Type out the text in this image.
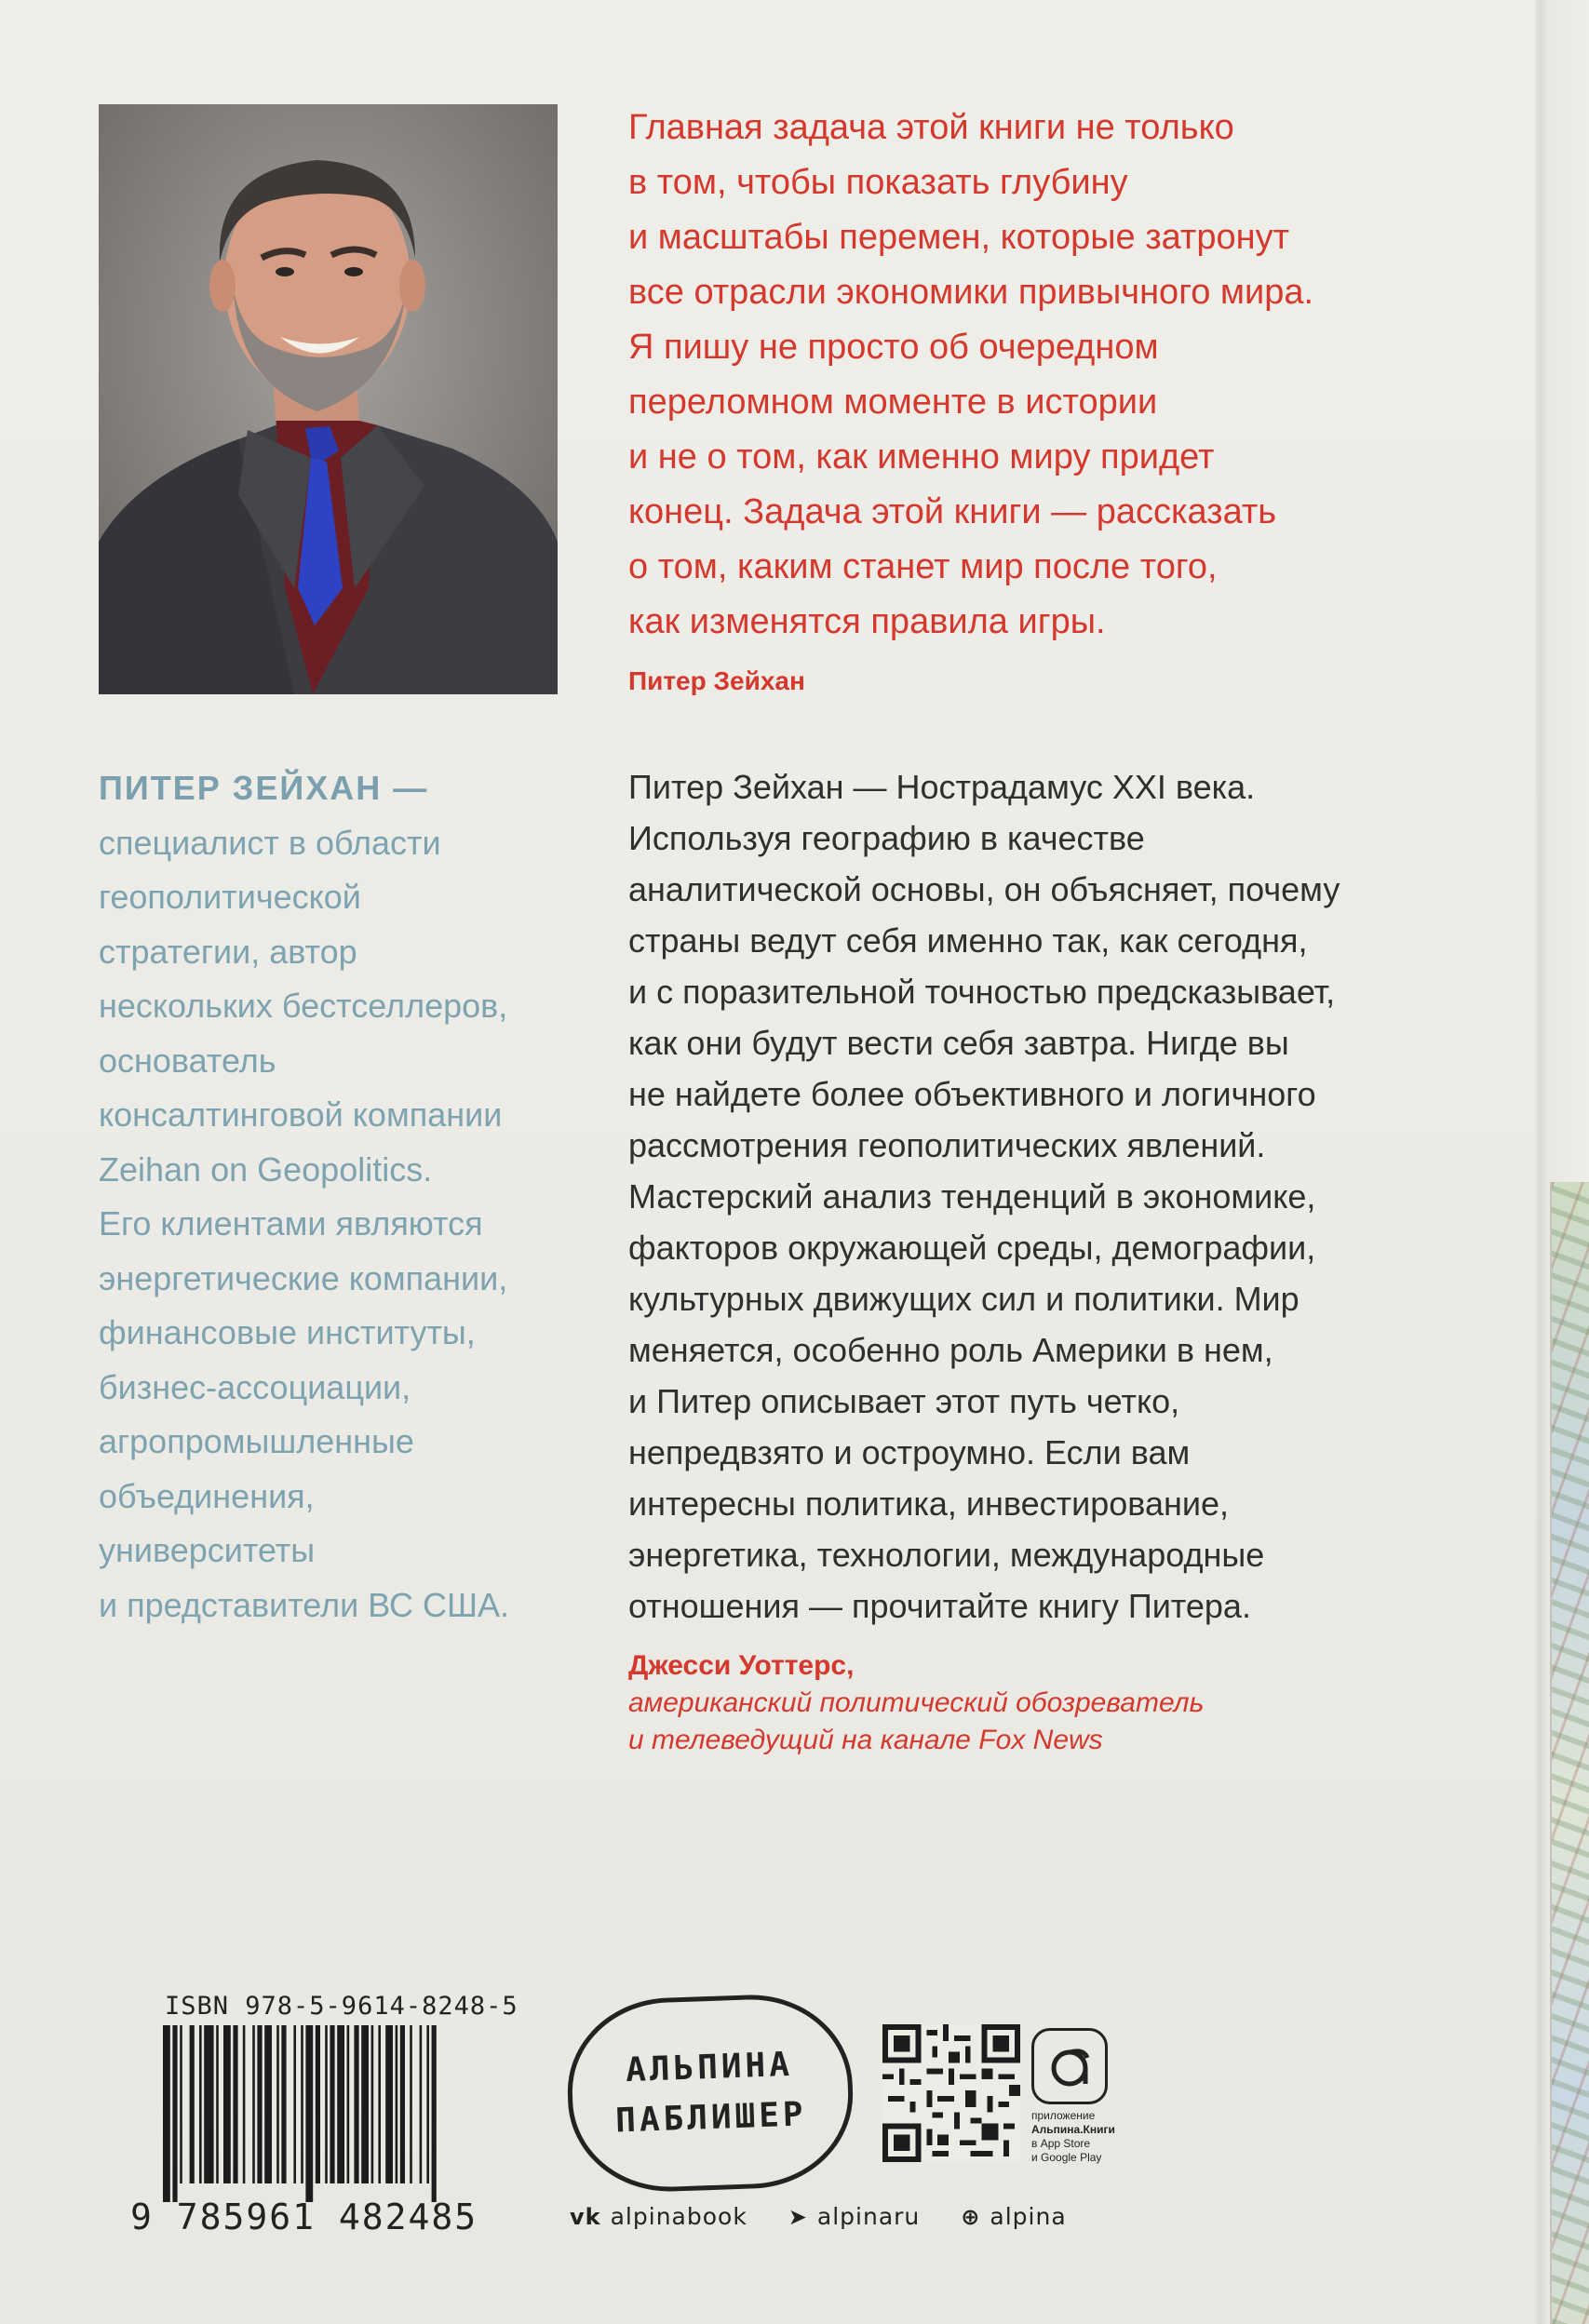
Главная задача этой книги не только
в том, чтобы показать глубину
и масштабы перемен, которые затронут
все отрасли экономики привычного мира.
Я пишу не просто об очередном
переломном моменте в истории
и не о том, как именно миру придет
конец. Задача этой книги — рассказать
о том, каким станет мир после того,
как изменятся правила игры.
Питер Зейхан
ПИТЕР ЗЕЙХАН —
специалист в области
геополитической
стратегии, автор
нескольких бестселлеров,
основатель
консалтинговой компании
Zeihan on Geopolitics.
Его клиентами являются
энергетические компании,
финансовые институты,
бизнес-ассоциации,
агропромышленные
объединения,
университеты
и представители ВС США.
Питер Зейхан — Нострадамус XXI века.
Используя географию в качестве
аналитической основы, он объясняет, почему
страны ведут себя именно так, как сегодня,
и с поразительной точностью предсказывает,
как они будут вести себя завтра. Нигде вы
не найдете более объективного и логичного
рассмотрения геополитических явлений.
Мастерский анализ тенденций в экономике,
факторов окружающей среды, демографии,
культурных движущих сил и политики. Мир
меняется, особенно роль Америки в нем,
и Питер описывает этот путь четко,
непредвзято и остроумно. Если вам
интересны политика, инвестирование,
энергетика, технологии, международные
отношения — прочитайте книгу Питера.
Джесси Уоттерс,
американский политический обозреватель
и телеведущий на канале Fox News
ISBN 978-5-9614-8248-5
9 785961 482485
АЛЬПИНА
ПАБЛИШЕР	приложение
Альпина.Книги
в App Store
и Google Play
vk alpinabook ➤ alpinaru ⊕ alpina
